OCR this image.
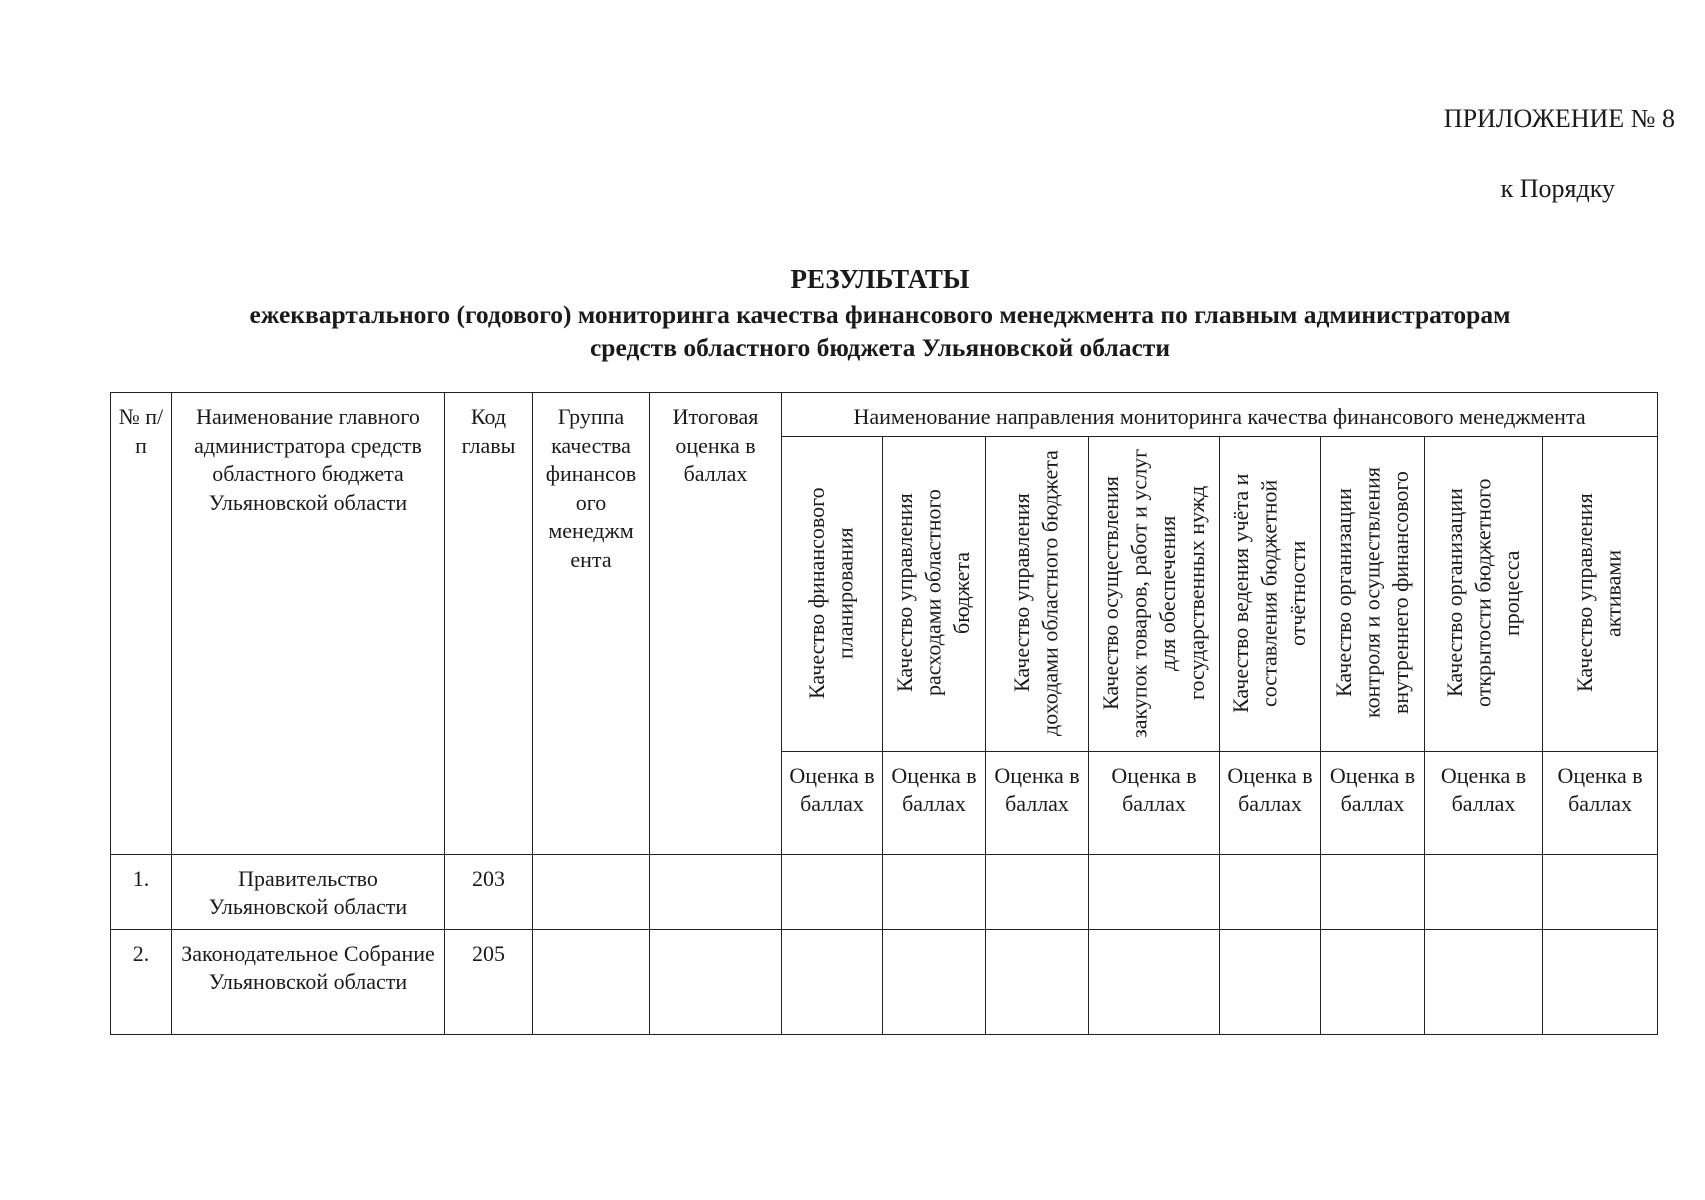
ПРИЛОЖЕНИЕ № 8
к Порядку
РЕЗУЛЬТАТЫ
ежеквартального (годового) мониторинга качества финансового менеджмента по главным администраторам
средств областного бюджета Ульяновской области
№ п/п	Наименование главного администратора средств областного бюджета Ульяновской области	Код главы	Группа качества финансов ого менеджм ента	Итоговая оценка в баллах	Наименование направления мониторинга качества финансового менеджмента							

					Качество финансового планирования	Качество управления расходами областного бюджета	Качество управления доходами областного бюджета	Качество осуществления закупок товаров, работ и услуг для обеспечения государственных нужд	Качество ведения учёта и составления бюджетной отчётности	Качество организации контроля и осуществления внутреннего финансового	Качество организации открытости бюджетного процесса	Качество управления активами

					Оценка в баллах	Оценка в баллах	Оценка в баллах	Оценка в баллах	Оценка в баллах	Оценка в баллах	Оценка в баллах	Оценка в баллах
1.	Правительство Ульяновской области	203										
2.	Законодательное Собрание Ульяновской области	205										
